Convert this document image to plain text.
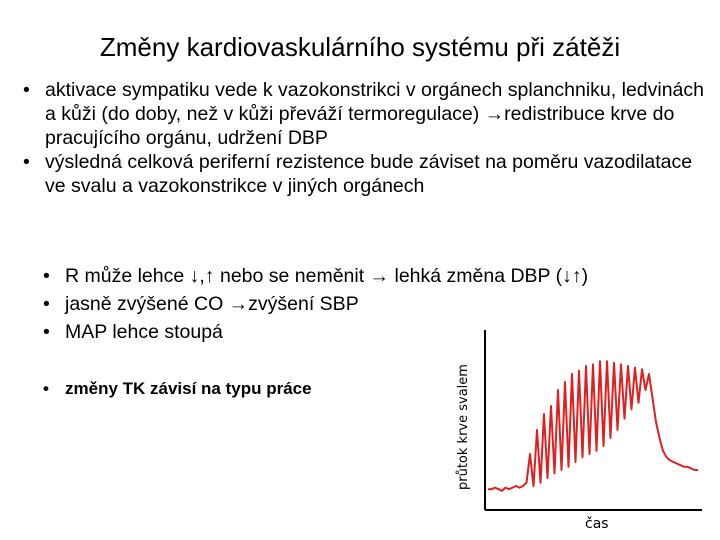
Změny kardiovaskulárního systému při zátěži
• aktivace sympatiku vede k vazokonstrikci v orgánech splanchniku, ledvinách a kůži (do doby, než v kůži převáží termoregulace) →redistribuce krve do pracujícího orgánu, udržení DBP
• výsledná celková periferní rezistence bude záviset na poměru vazodilatace ve svalu a vazokonstrikce v jiných orgánech
• R může lehce ↓,↑ nebo se neměnit → lehká změna DBP (↓↑)
• jasně zvýšené CO →zvýšení SBP
• MAP lehce stoupá
• změny TK závisí na typu práce	průtok krve svalem
čas
